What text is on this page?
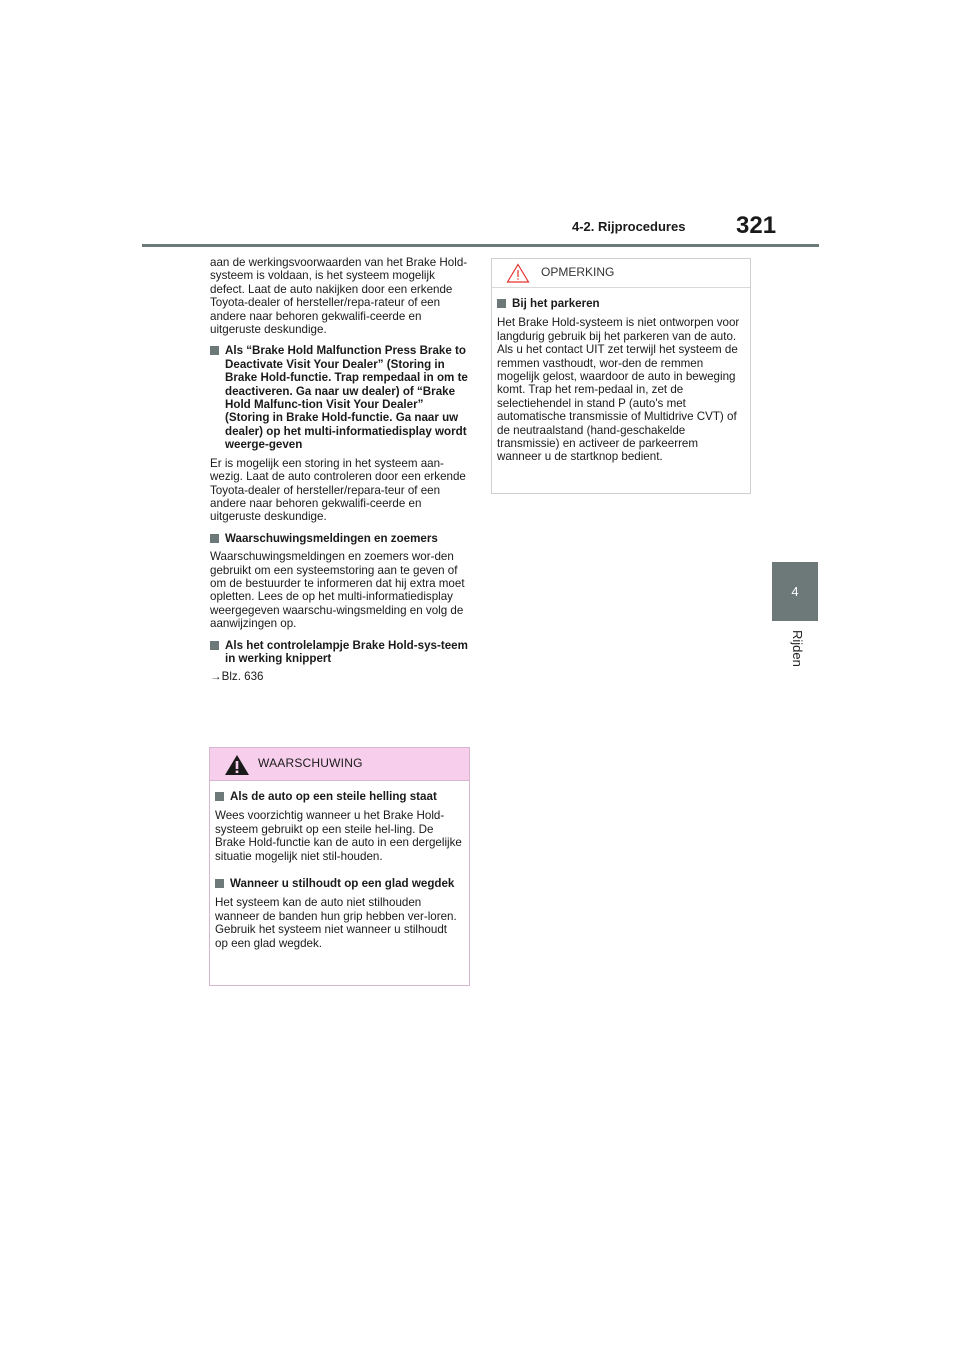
4-2. Rijprocedures 321
4
Rijden

aan de werkingsvoorwaarden van het Brake Hold-systeem is voldaan, is het systeem mogelijk defect. Laat de auto nakijken door een erkende Toyota-dealer of hersteller/repa-rateur of een andere naar behoren gekwalifi-ceerde en uitgeruste deskundige.

Als “Brake Hold Malfunction Press Brake to Deactivate Visit Your Dealer” (Storing in Brake Hold-functie. Trap rempedaal in om te deactiveren. Ga naar uw dealer) of “Brake Hold Malfunc-tion Visit Your Dealer” (Storing in Brake Hold-functie. Ga naar uw dealer) op het multi-informatiedisplay wordt weerge-geven

Er is mogelijk een storing in het systeem aan-wezig. Laat de auto controleren door een erkende Toyota-dealer of hersteller/repara-teur of een andere naar behoren gekwalifi-ceerde en uitgeruste deskundige.

Waarschuwingsmeldingen en zoemers

Waarschuwingsmeldingen en zoemers wor-den gebruikt om een systeemstoring aan te geven of om de bestuurder te informeren dat hij extra moet opletten. Lees de op het multi-informatiedisplay weergegeven waarschu-wingsmelding en volg de aanwijzingen op.

Als het controlelampje Brake Hold-sys-teem in werking knippert

→Blz. 636

WAARSCHUWING
Als de auto op een steile helling staat

Wees voorzichtig wanneer u het Brake Hold-systeem gebruikt op een steile hel-ling. De Brake Hold-functie kan de auto in een dergelijke situatie mogelijk niet stil-houden.

Wanneer u stilhoudt op een glad wegdek

Het systeem kan de auto niet stilhouden wanneer de banden hun grip hebben ver-loren. Gebruik het systeem niet wanneer u stilhoudt op een glad wegdek.

OPMERKING
Bij het parkeren

Het Brake Hold-systeem is niet ontworpen voor langdurig gebruik bij het parkeren van de auto. Als u het contact UIT zet terwijl het systeem de remmen vasthoudt, wor-den de remmen mogelijk gelost, waardoor de auto in beweging komt. Trap het rem-pedaal in, zet de selectiehendel in stand P (auto's met automatische transmissie of Multidrive CVT) of de neutraalstand (hand-geschakelde transmissie) en activeer de parkeerrem wanneer u de startknop bedient.
